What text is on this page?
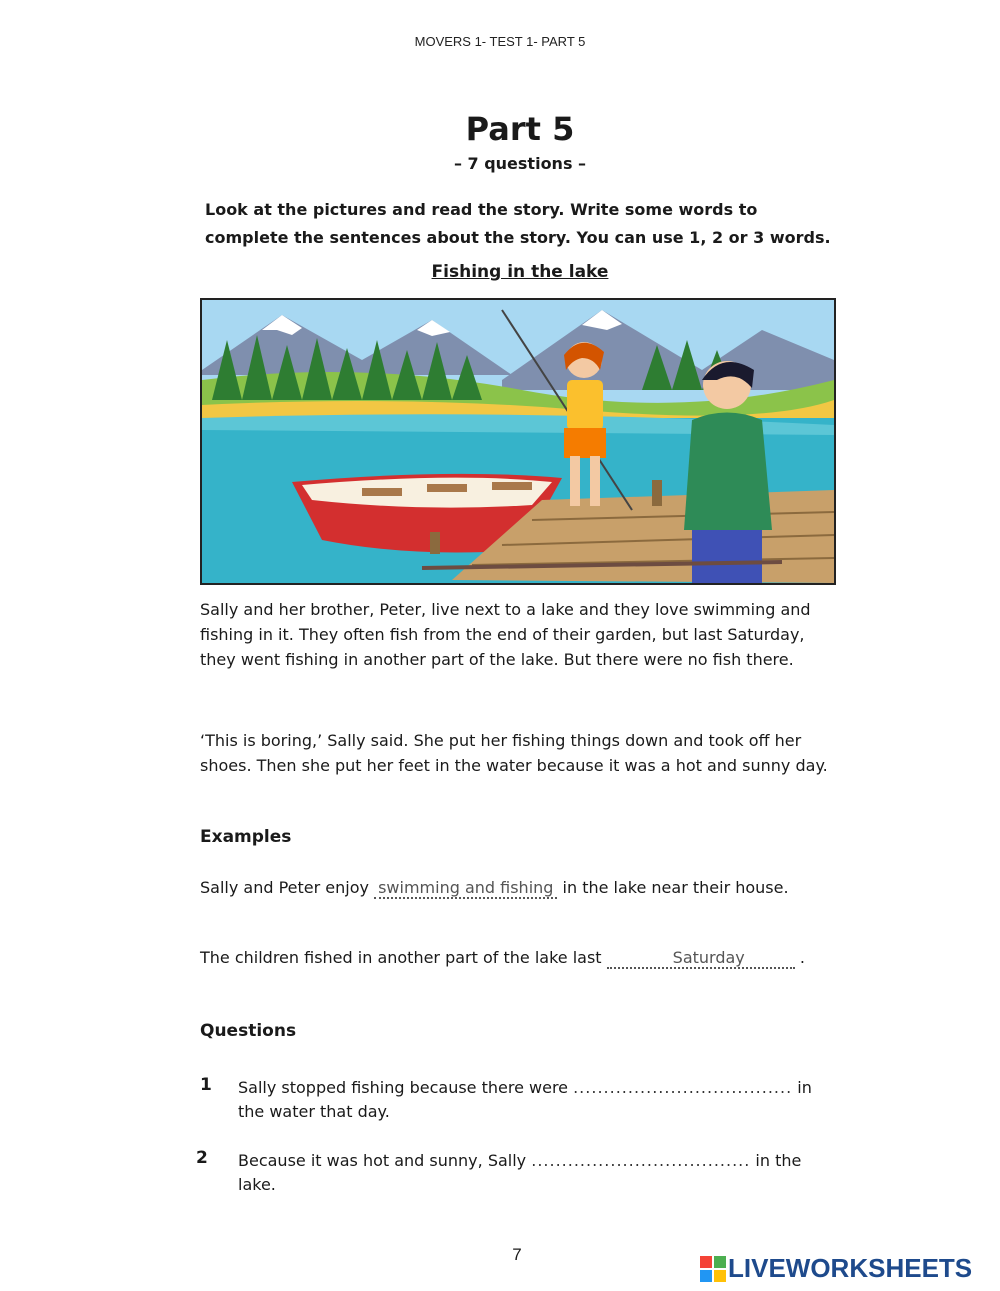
MOVERS 1- TEST 1- PART 5
Part 5
– 7 questions –
Look at the pictures and read the story. Write some words to complete the sentences about the story. You can use 1, 2 or 3 words.
Fishing in the lake
Sally and her brother, Peter, live next to a lake and they love swimming and fishing in it. They often fish from the end of their garden, but last Saturday, they went fishing in another part of the lake. But there were no fish there.
‘This is boring,’ Sally said. She put her fishing things down and took off her shoes. Then she put her feet in the water because it was a hot and sunny day.
Examples
Sally and Peter enjoy swimming and fishing in the lake near their house.
The children fished in another part of the lake last	Saturday	.
Questions
1 Sally stopped fishing because there were .................................... in the water that day.
2 Because it was hot and sunny, Sally .................................... in the lake.
7	LIVEWORKSHEETS
